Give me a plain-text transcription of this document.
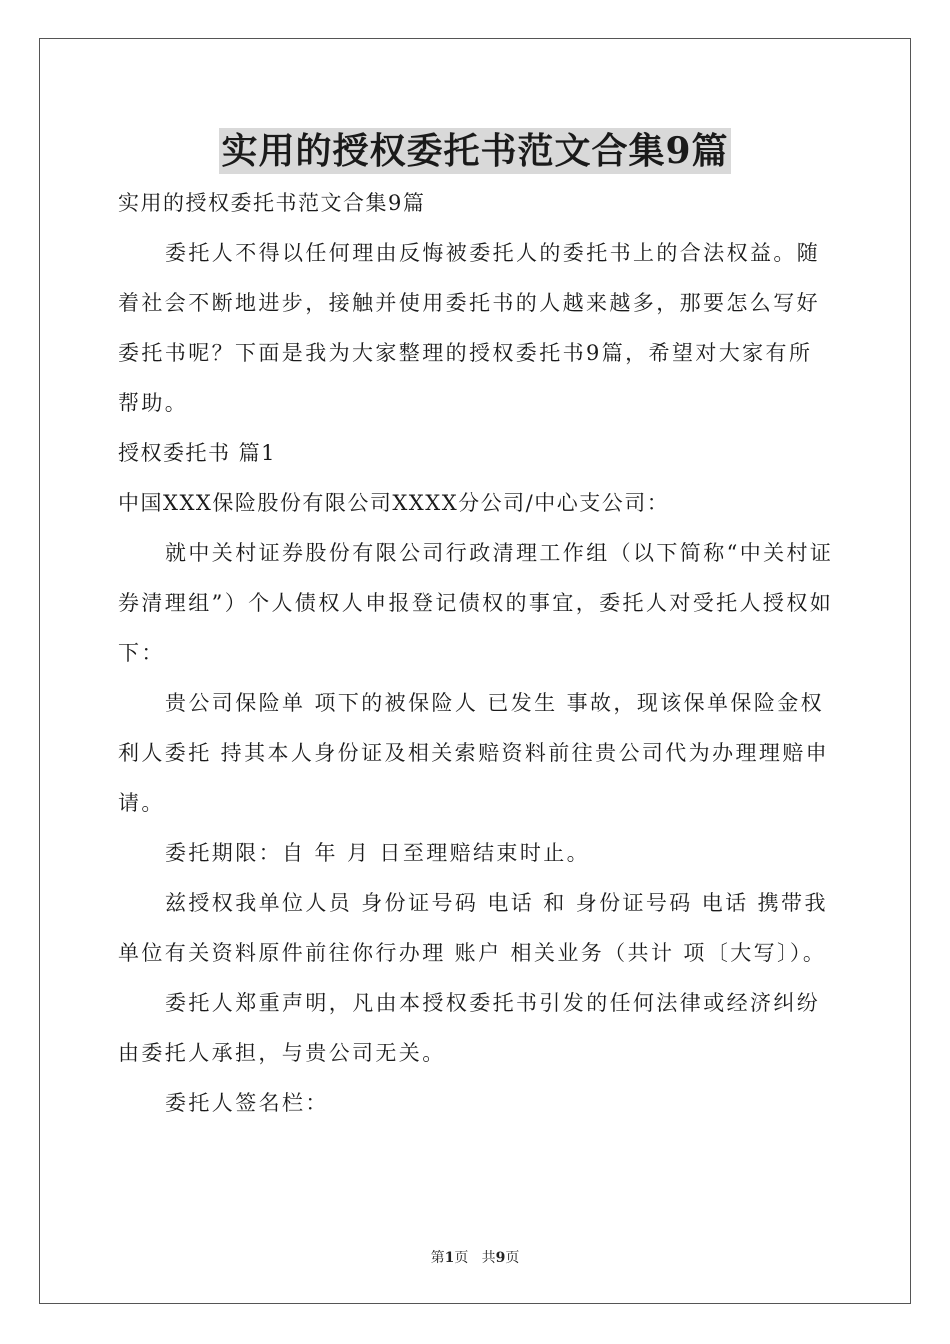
实用的授权委托书范文合集9篇

实用的授权委托书范文合集9篇

委托人不得以任何理由反悔被委托人的委托书上的合法权益。随着社会不断地进步，接触并使用委托书的人越来越多，那要怎么写好委托书呢？下面是我为大家整理的授权委托书9篇，希望对大家有所帮助。

授权委托书 篇1

中国XXX保险股份有限公司XXXX分公司/中心支公司：

就中关村证券股份有限公司行政清理工作组（以下简称“中关村证券清理组”）个人债权人申报登记债权的事宜，委托人对受托人授权如下：

贵公司保险单 项下的被保险人 已发生 事故，现该保单保险金权利人委托 持其本人身份证及相关索赔资料前往贵公司代为办理理赔申请。

委托期限：自 年 月 日至理赔结束时止。

兹授权我单位人员 身份证号码 电话 和 身份证号码 电话 携带我单位有关资料原件前往你行办理 账户 相关业务（共计 项〔大写〕）。

委托人郑重声明，凡由本授权委托书引发的任何法律或经济纠纷由委托人承担，与贵公司无关。

委托人签名栏：

第1页 共9页
